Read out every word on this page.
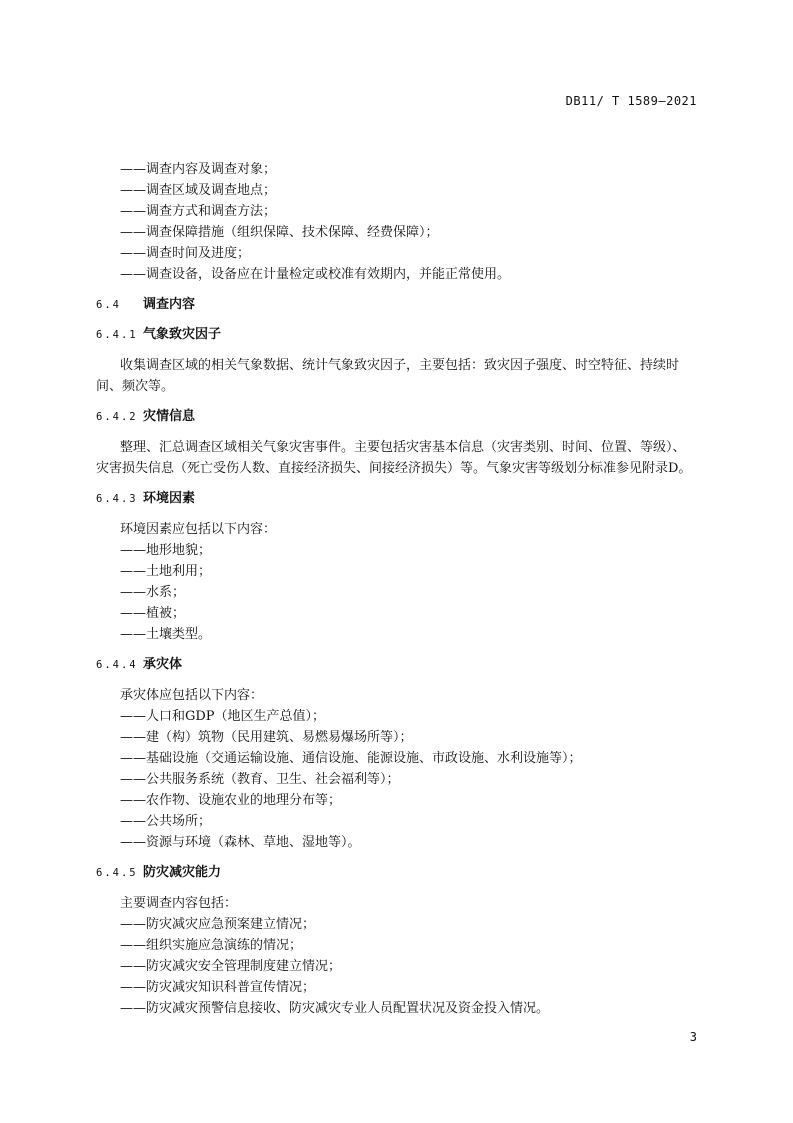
DB11/ T 1589—2021
——调查内容及调查对象；
——调查区域及调查地点；
——调查方式和调查方法；
——调查保障措施（组织保障、技术保障、经费保障）；
——调查时间及进度；
——调查设备，设备应在计量检定或校准有效期内，并能正常使用。
6.4	调查内容
6.4.1 气象致灾因子
收集调查区域的相关气象数据、统计气象致灾因子，主要包括：致灾因子强度、时空特征、持续时
间、频次等。
6.4.2 灾情信息
整理、汇总调查区域相关气象灾害事件。主要包括灾害基本信息（灾害类别、时间、位置、等级）、
灾害损失信息（死亡受伤人数、直接经济损失、间接经济损失）等。气象灾害等级划分标准参见附录D。
6.4.3 环境因素
环境因素应包括以下内容：
——地形地貌；
——土地利用；
——水系；
——植被；
——土壤类型。
6.4.4 承灾体
承灾体应包括以下内容：
——人口和GDP（地区生产总值）；
——建（构）筑物（民用建筑、易燃易爆场所等）；
——基础设施（交通运输设施、通信设施、能源设施、市政设施、水利设施等）；
——公共服务系统（教育、卫生、社会福利等）；
——农作物、设施农业的地理分布等；
——公共场所；
——资源与环境（森林、草地、湿地等）。
6.4.5 防灾减灾能力
主要调查内容包括：
——防灾减灾应急预案建立情况；
——组织实施应急演练的情况；
——防灾减灾安全管理制度建立情况；
——防灾减灾知识科普宣传情况；
——防灾减灾预警信息接收、防灾减灾专业人员配置状况及资金投入情况。
3
